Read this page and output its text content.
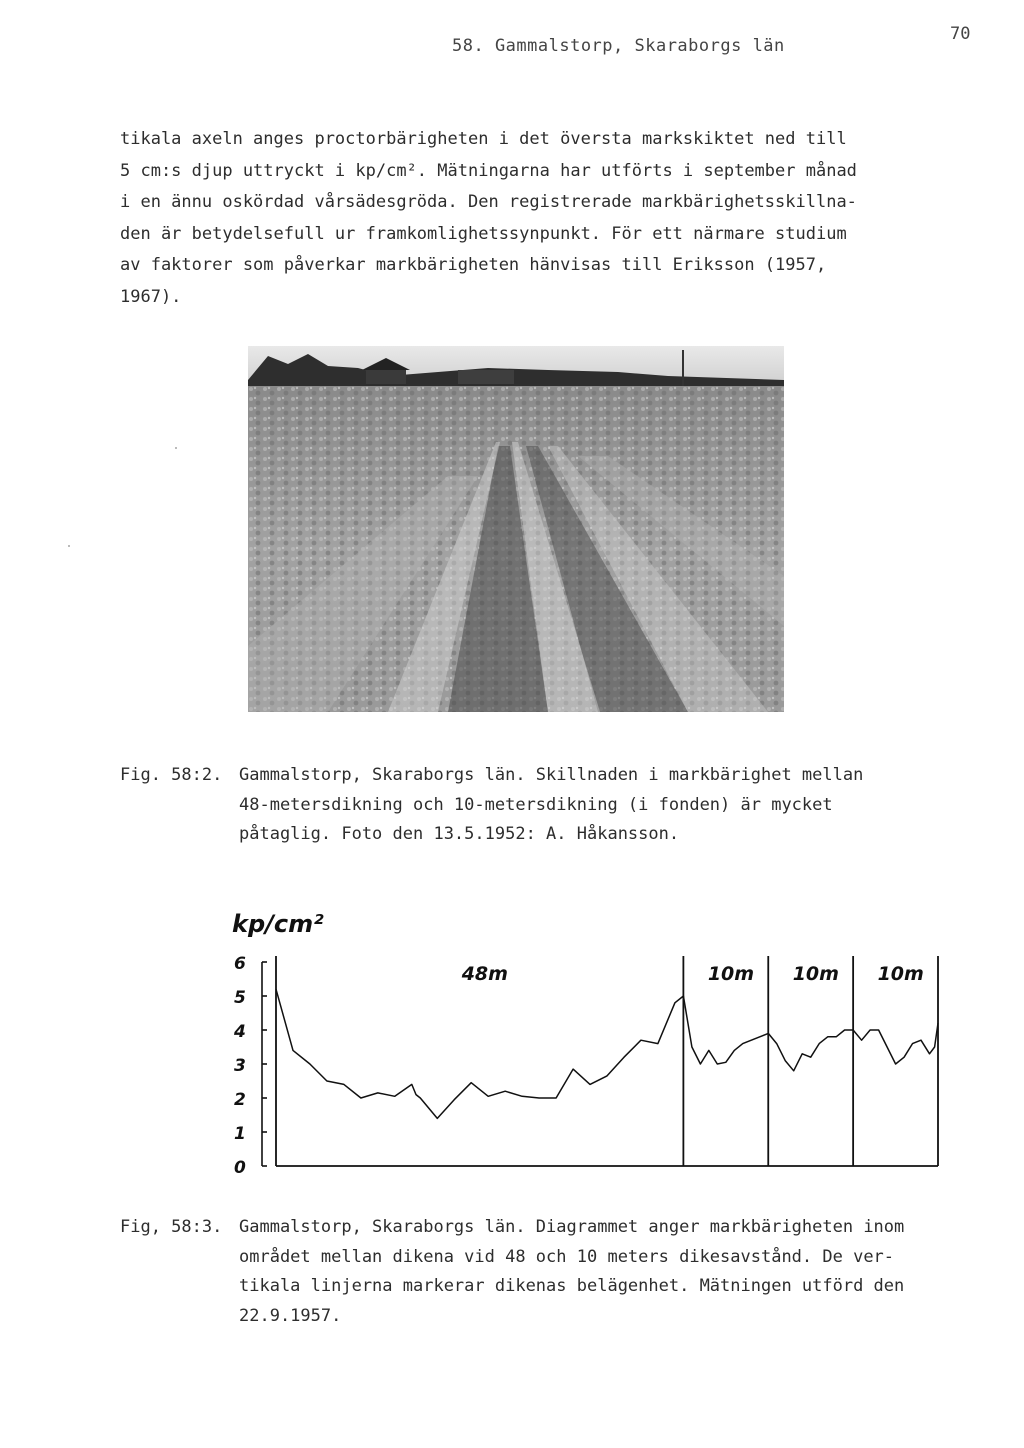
58. Gammalstorp, Skaraborgs län
70
tikala axeln anges proctorbärigheten i det översta markskiktet ned till
5 cm:s djup uttryckt i kp/cm². Mätningarna har utförts i september månad
i en ännu oskördad vårsädesgröda. Den registrerade markbärighetsskillna-
den är betydelsefull ur framkomlighetssynpunkt. För ett närmare studium
av faktorer som påverkar markbärigheten hänvisas till Eriksson (1957,
1967).
Fig. 58:2. Gammalstorp, Skaraborgs län. Skillnaden i markbärighet mellan
48-metersdikning och 10-metersdikning (i fonden) är mycket
påtaglig. Foto den 13.5.1952: A. Håkansson.
6
5
4
3
2
1
0
kp/cm²
48m	10m 10m 10m
Fig, 58:3. Gammalstorp, Skaraborgs län. Diagrammet anger markbärigheten inom
området mellan dikena vid 48 och 10 meters dikesavstånd. De ver-
tikala linjerna markerar dikenas belägenhet. Mätningen utförd den
22.9.1957.
